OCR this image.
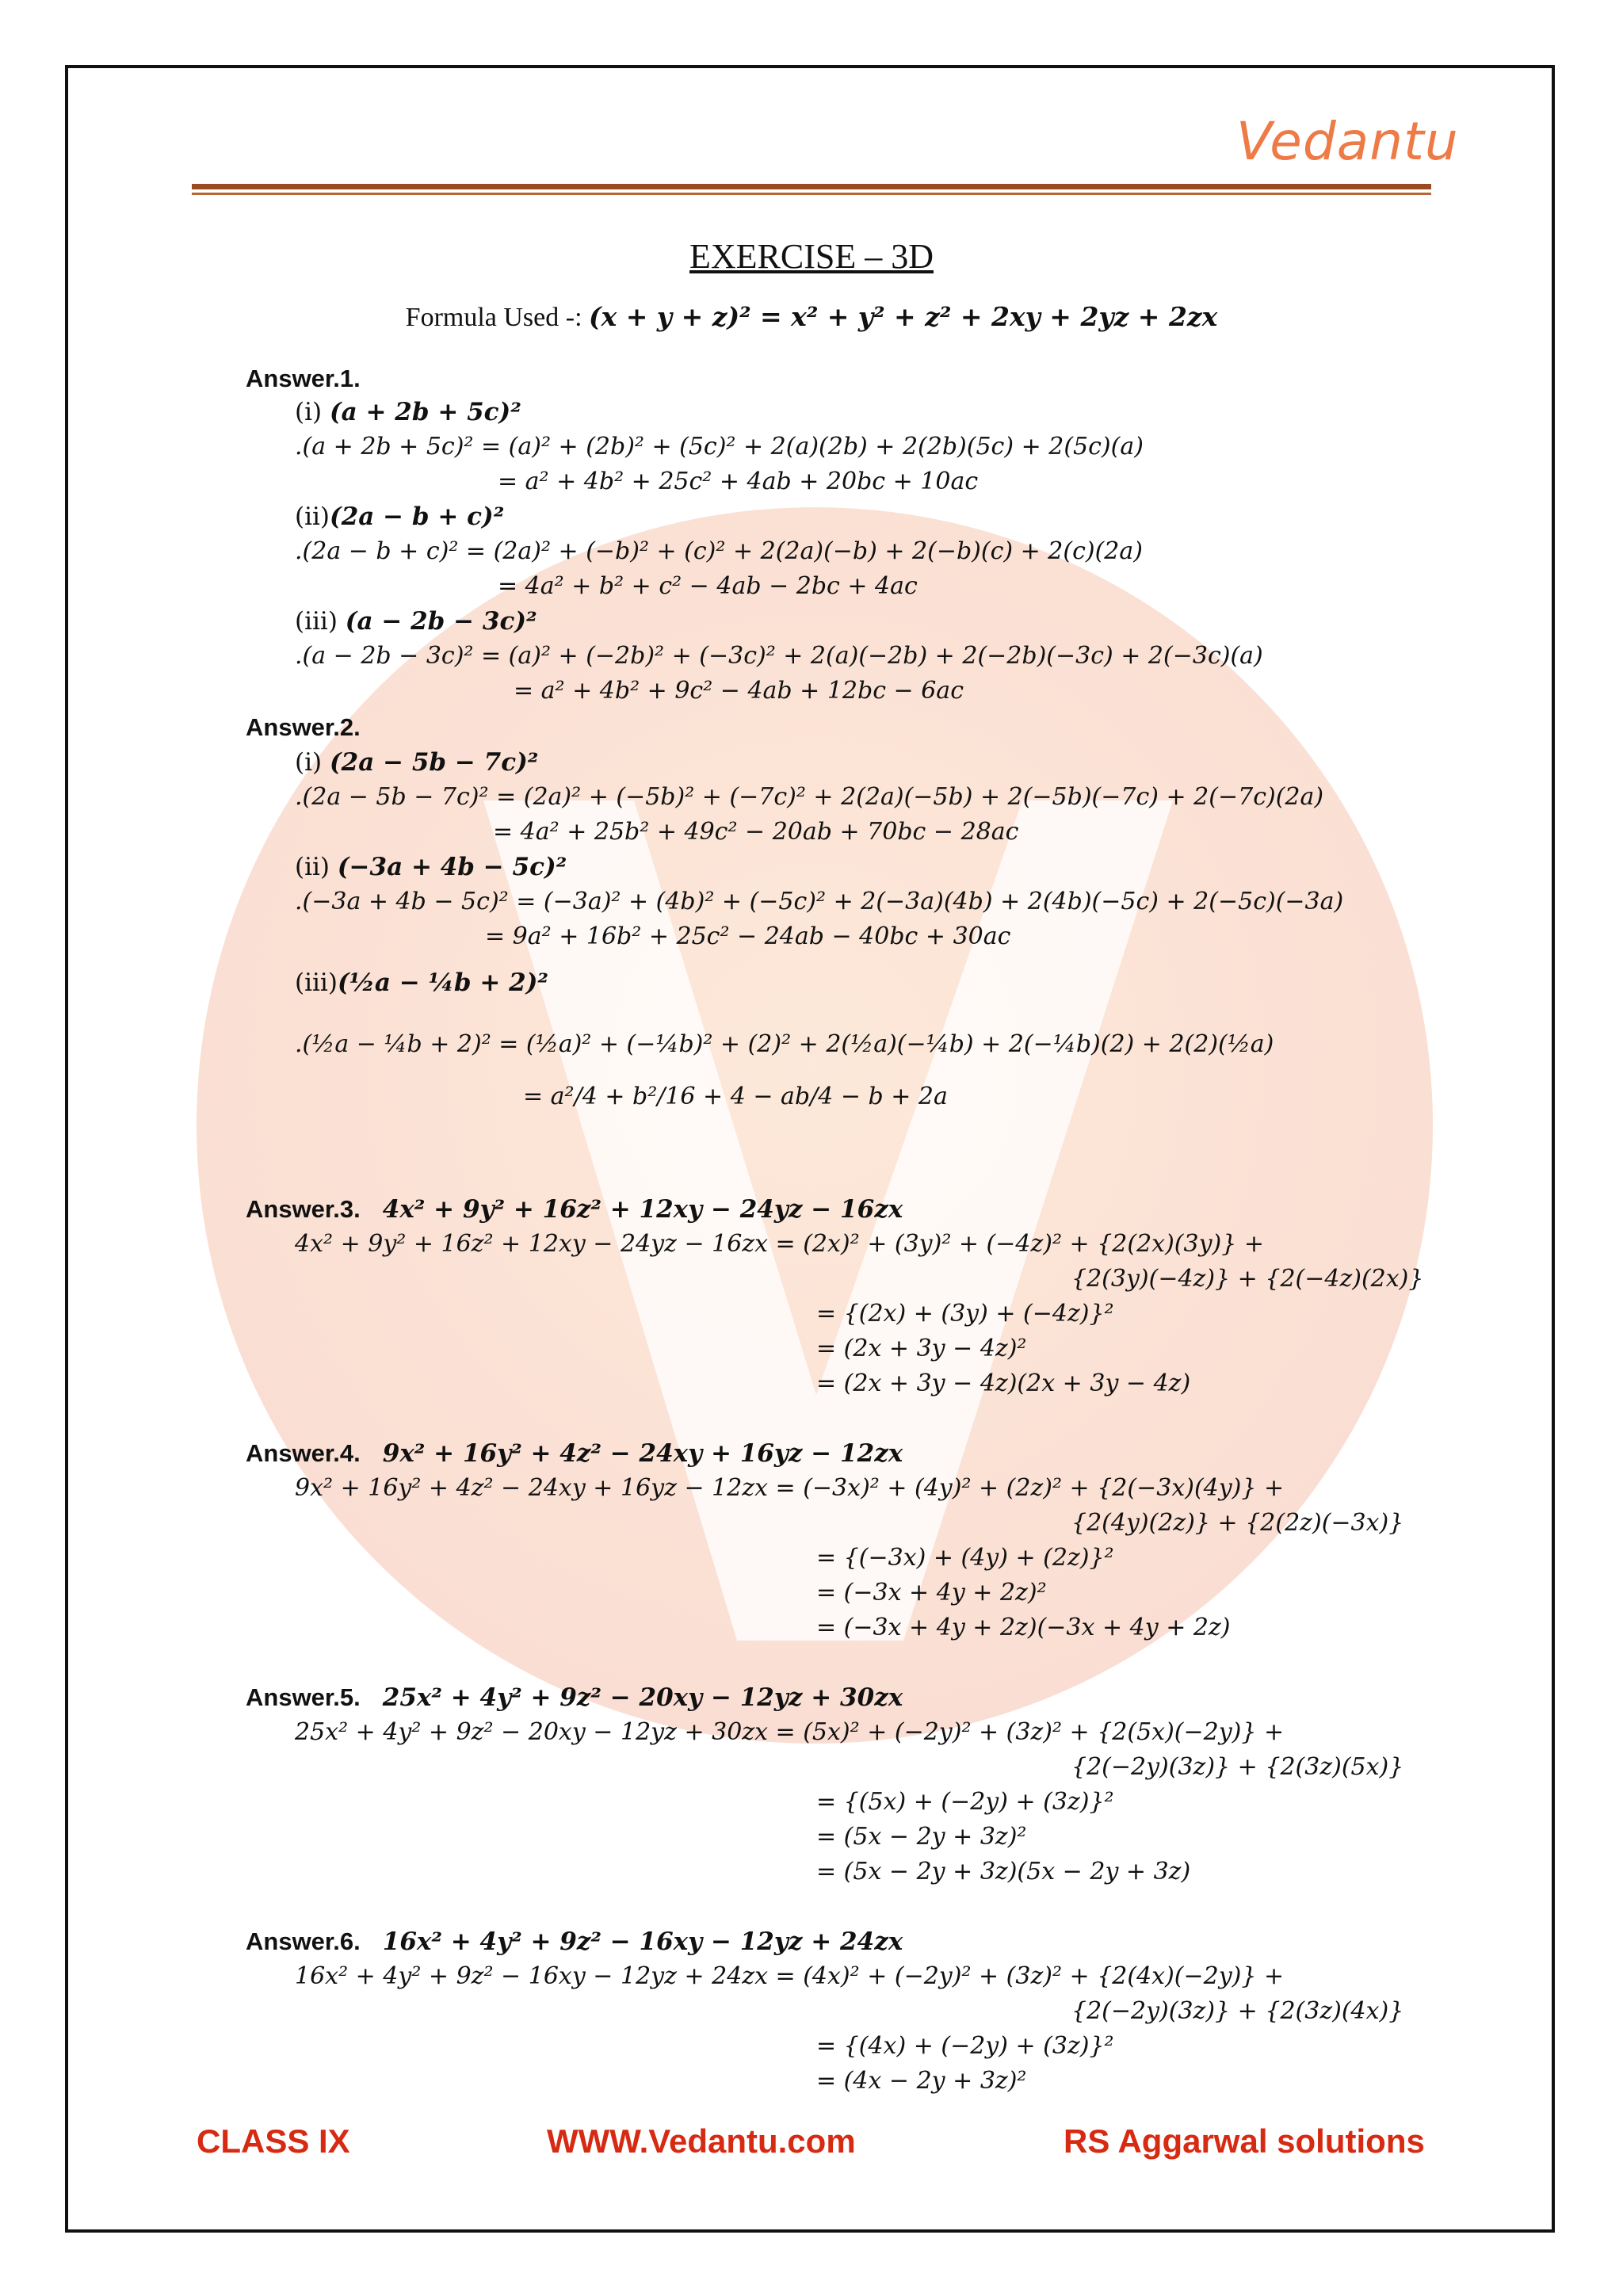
Vedantu
EXERCISE – 3D
Formula Used -: (x + y + z)² = x² + y² + z² + 2xy + 2yz + 2zx
Answer.1.
(i) (a + 2b + 5c)²
.(a + 2b + 5c)² = (a)² + (2b)² + (5c)² + 2(a)(2b) + 2(2b)(5c) + 2(5c)(a)
= a² + 4b² + 25c² + 4ab + 20bc + 10ac
(ii)(2a − b + c)²
.(2a − b + c)² = (2a)² + (−b)² + (c)² + 2(2a)(−b) + 2(−b)(c) + 2(c)(2a)
= 4a² + b² + c² − 4ab − 2bc + 4ac
(iii) (a − 2b − 3c)²
.(a − 2b − 3c)² = (a)² + (−2b)² + (−3c)² + 2(a)(−2b) + 2(−2b)(−3c) + 2(−3c)(a)
= a² + 4b² + 9c² − 4ab + 12bc − 6ac
Answer.2.
(i) (2a − 5b − 7c)²
.(2a − 5b − 7c)² = (2a)² + (−5b)² + (−7c)² + 2(2a)(−5b) + 2(−5b)(−7c) + 2(−7c)(2a)
= 4a² + 25b² + 49c² − 20ab + 70bc − 28ac
(ii) (−3a + 4b − 5c)²
.(−3a + 4b − 5c)² = (−3a)² + (4b)² + (−5c)² + 2(−3a)(4b) + 2(4b)(−5c) + 2(−5c)(−3a)
= 9a² + 16b² + 25c² − 24ab − 40bc + 30ac
(iii)(½a − ¼b + 2)²
.(½a − ¼b + 2)² = (½a)² + (−¼b)² + (2)² + 2(½a)(−¼b) + 2(−¼b)(2) + 2(2)(½a)
= a²/4 + b²/16 + 4 − ab/4 − b + 2a
Answer.3. 4x² + 9y² + 16z² + 12xy − 24yz − 16zx
4x² + 9y² + 16z² + 12xy − 24yz − 16zx = (2x)² + (3y)² + (−4z)² + {2(2x)(3y)} +
{2(3y)(−4z)} + {2(−4z)(2x)}
= {(2x) + (3y) + (−4z)}²
= (2x + 3y − 4z)²
= (2x + 3y − 4z)(2x + 3y − 4z)
Answer.4. 9x² + 16y² + 4z² − 24xy + 16yz − 12zx
9x² + 16y² + 4z² − 24xy + 16yz − 12zx = (−3x)² + (4y)² + (2z)² + {2(−3x)(4y)} +
{2(4y)(2z)} + {2(2z)(−3x)}
= {(−3x) + (4y) + (2z)}²
= (−3x + 4y + 2z)²
= (−3x + 4y + 2z)(−3x + 4y + 2z)
Answer.5. 25x² + 4y² + 9z² − 20xy − 12yz + 30zx
25x² + 4y² + 9z² − 20xy − 12yz + 30zx = (5x)² + (−2y)² + (3z)² + {2(5x)(−2y)} +
{2(−2y)(3z)} + {2(3z)(5x)}
= {(5x) + (−2y) + (3z)}²
= (5x − 2y + 3z)²
= (5x − 2y + 3z)(5x − 2y + 3z)
Answer.6. 16x² + 4y² + 9z² − 16xy − 12yz + 24zx
16x² + 4y² + 9z² − 16xy − 12yz + 24zx = (4x)² + (−2y)² + (3z)² + {2(4x)(−2y)} +
{2(−2y)(3z)} + {2(3z)(4x)}
= {(4x) + (−2y) + (3z)}²
= (4x − 2y + 3z)²
CLASS IX	WWW.Vedantu.com	RS Aggarwal solutions
